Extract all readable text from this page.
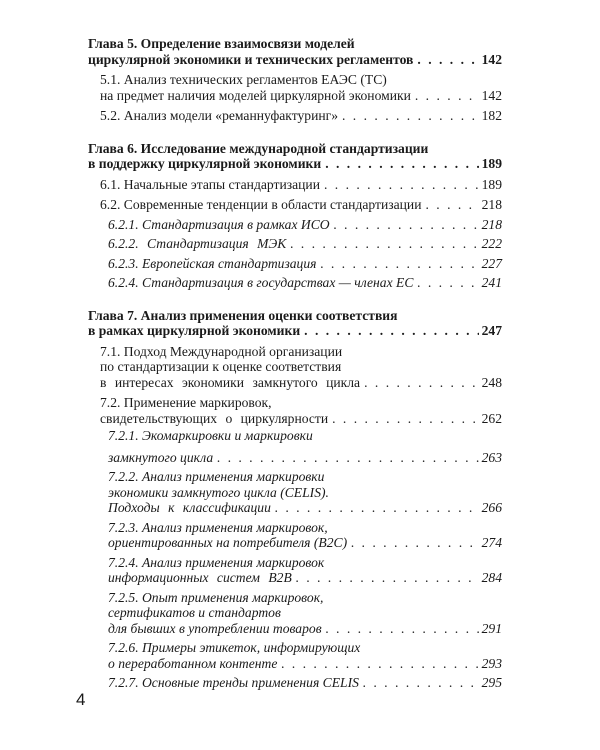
Глава 5. Определение взаимосвязи моделей
циркулярной экономики и технических регламентов . . .	142
5.1. Анализ технических регламентов ЕАЭС (ТС)
на предмет наличия моделей циркулярной экономики . . .	142
5.2. Анализ модели «реманнуфактуринг» . . .	182
Глава 6. Исследование международной стандартизации
в поддержку циркулярной экономики . . .	189
6.1. Начальные этапы стандартизации . . .	189
6.2. Современные тенденции в области стандартизации . . .	218
6.2.1. Стандартизация в рамках ИСО . . .	218
6.2.2. Стандартизация МЭК . . .	222
6.2.3. Европейская стандартизация . . .	227
6.2.4. Стандартизация в государствах — членах ЕС . . .	241
Глава 7. Анализ применения оценки соответствия
в рамках циркулярной экономики . . .	247
7.1. Подход Международной организации
по стандартизации к оценке соответствия
в интересах экономики замкнутого цикла . . .	248
7.2. Применение маркировок,
свидетельствующих о циркулярности . . .	262
7.2.1. Экомаркировки и маркировки
замкнутого цикла . . .	263
7.2.2. Анализ применения маркировки
экономики замкнутого цикла (CELIS).
Подходы к классификации . . .	266
7.2.3. Анализ применения маркировок,
ориентированных на потребителя (B2C) . . .	274
7.2.4. Анализ применения маркировок
информационных систем B2B . . .	284
7.2.5. Опыт применения маркировок,
сертификатов и стандартов
для бывших в употреблении товаров . . .	291
7.2.6. Примеры этикеток, информирующих
о переработанном контенте . . .	293
7.2.7. Основные тренды применения CELIS . . .	295
4
